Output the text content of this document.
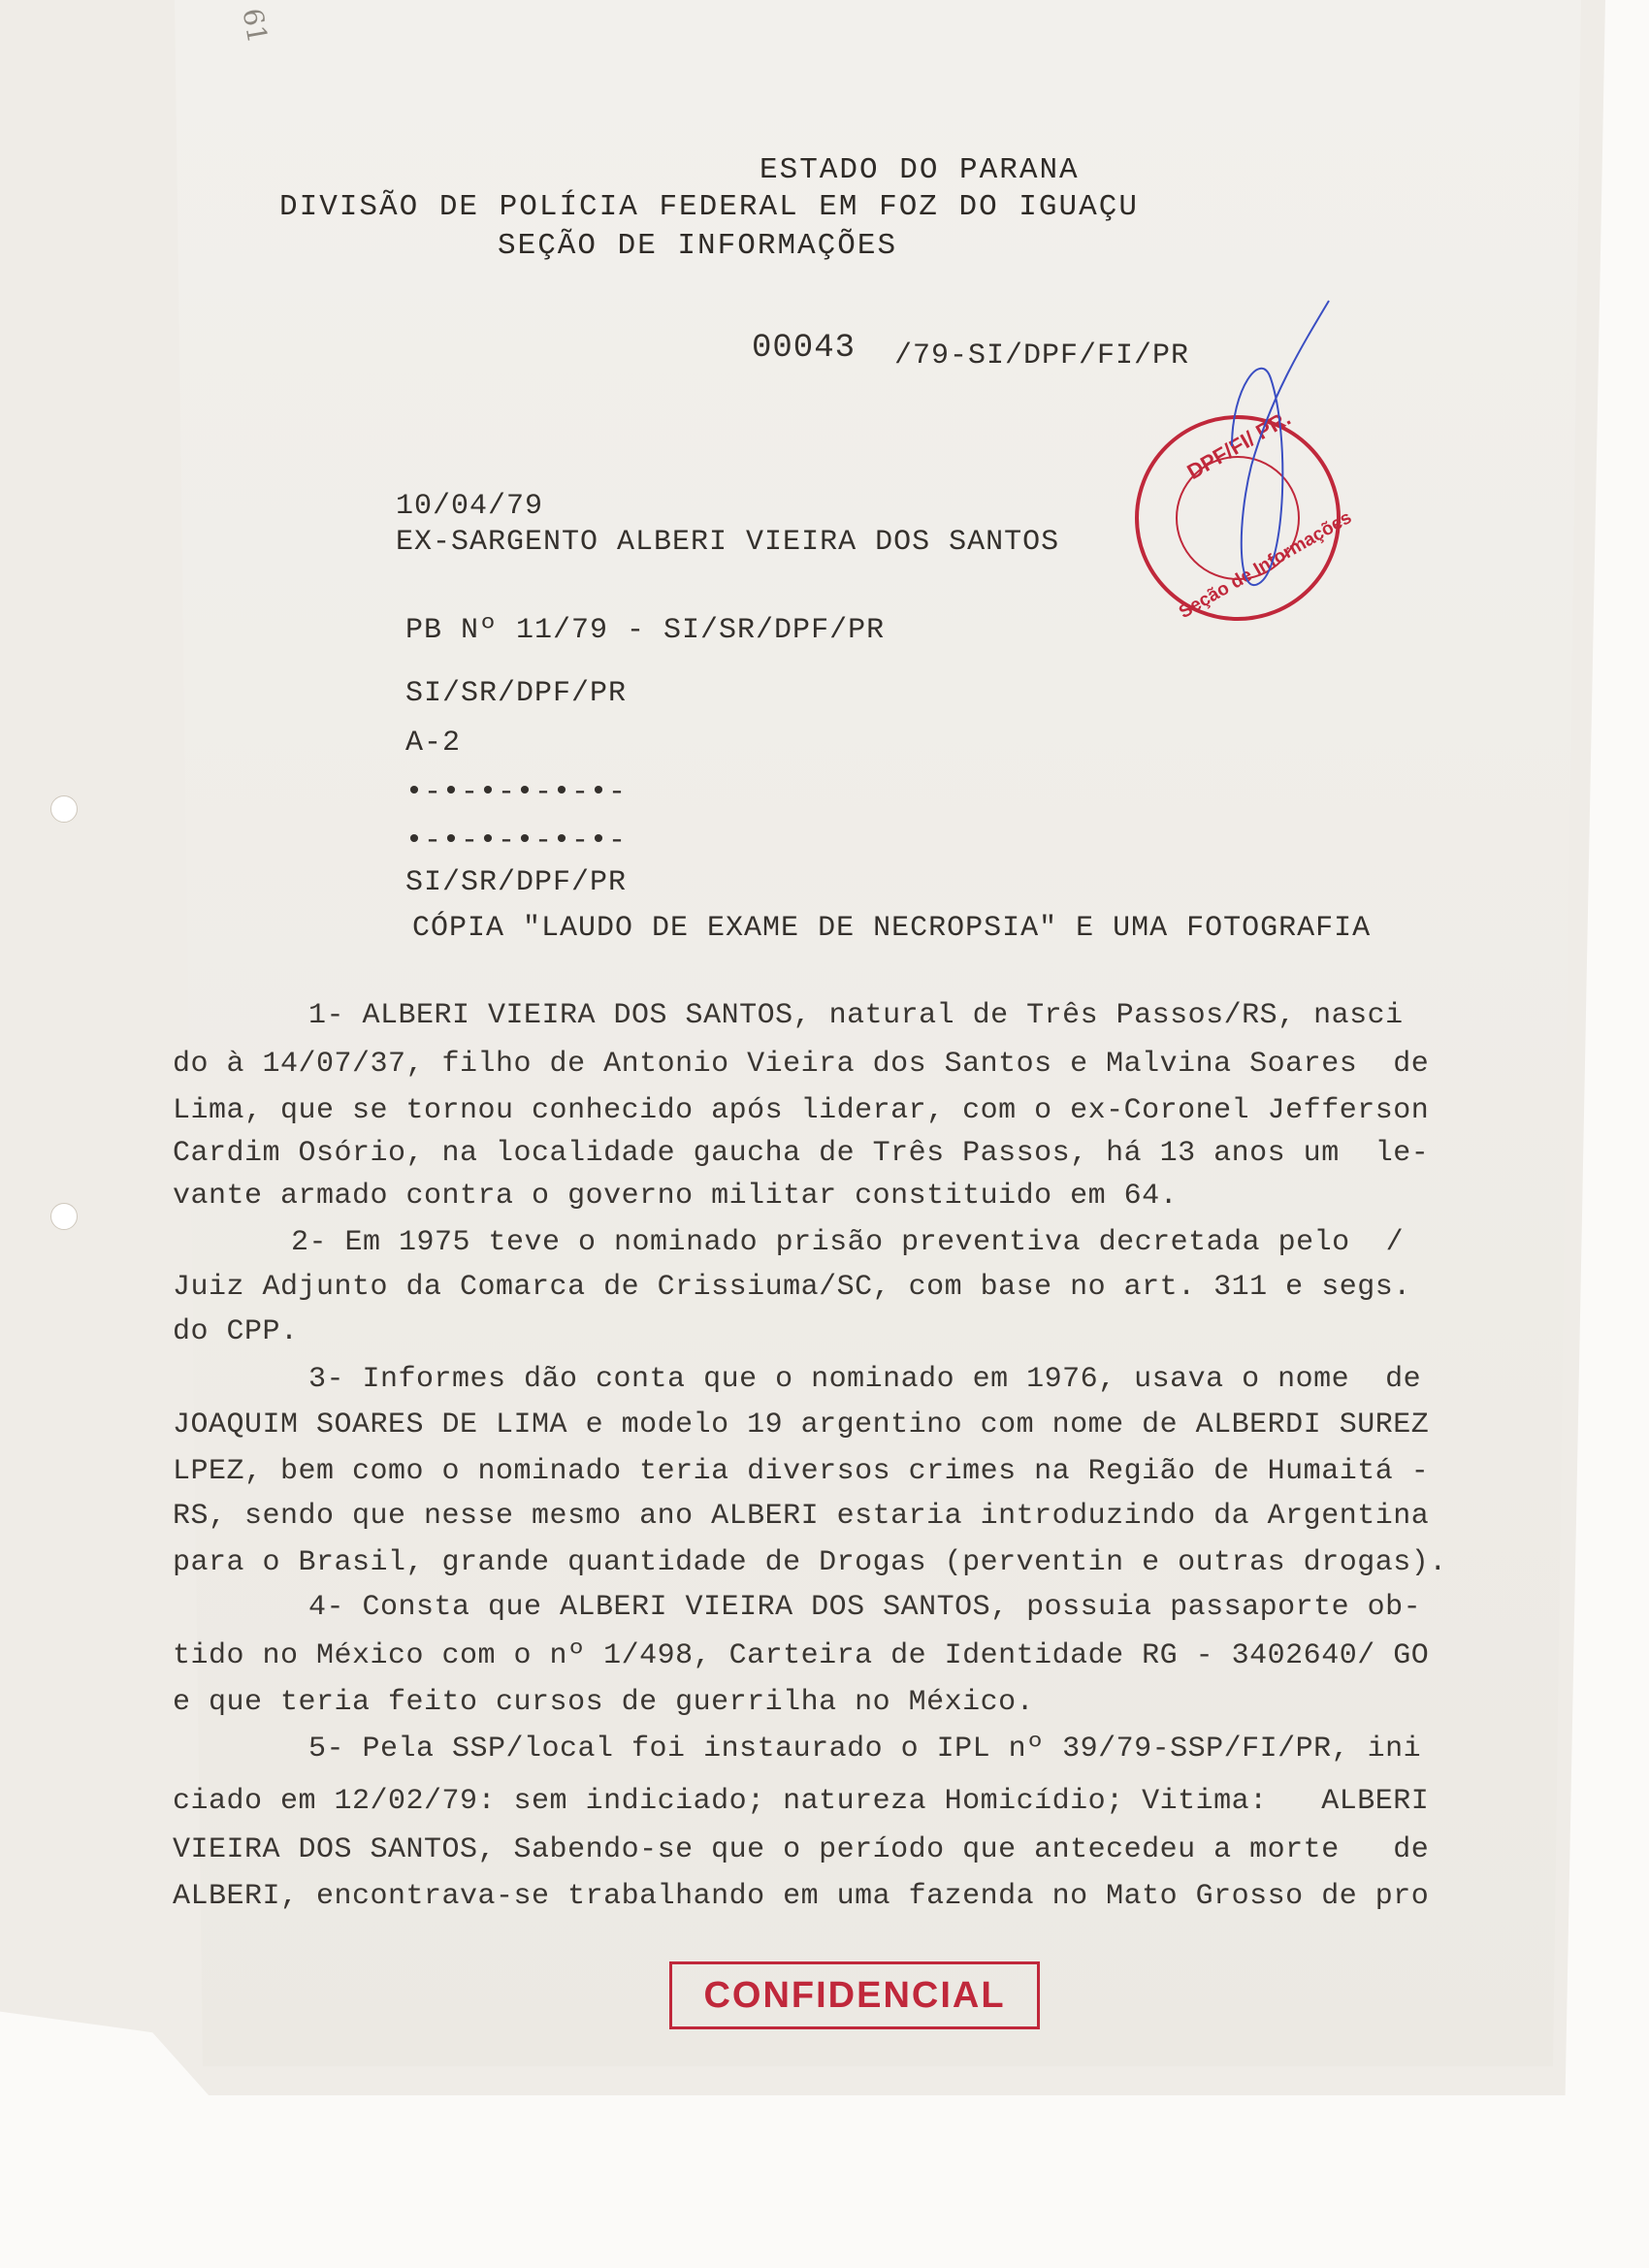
61
ESTADO DO PARANA
DIVISÃO DE POLÍCIA FEDERAL EM FOZ DO IGUAÇU
SEÇÃO DE INFORMAÇÕES
00043 /79-SI/DPF/FI/PR
DPF/FI/ PR.
Seção de Informações
10/04/79
EX-SARGENTO ALBERI VIEIRA DOS SANTOS
PB Nº 11/79 - SI/SR/DPF/PR
SI/SR/DPF/PR
A-2
•-•-•-•-•-•-
•-•-•-•-•-•-
SI/SR/DPF/PR
CÓPIA "LAUDO DE EXAME DE NECROPSIA" E UMA FOTOGRAFIA
1- ALBERI VIEIRA DOS SANTOS, natural de Três Passos/RS, nasci
do à 14/07/37, filho de Antonio Vieira dos Santos e Malvina Soares  de
Lima, que se tornou conhecido após liderar, com o ex-Coronel Jefferson
Cardim Osório, na localidade gaucha de Três Passos, há 13 anos um  le-
vante armado contra o governo militar constituido em 64.
2- Em 1975 teve o nominado prisão preventiva decretada pelo  /
Juiz Adjunto da Comarca de Crissiuma/SC, com base no art. 311 e segs.
do CPP.
3- Informes dão conta que o nominado em 1976, usava o nome  de
JOAQUIM SOARES DE LIMA e modelo 19 argentino com nome de ALBERDI SUREZ
LPEZ, bem como o nominado teria diversos crimes na Região de Humaitá -
RS, sendo que nesse mesmo ano ALBERI estaria introduzindo da Argentina
para o Brasil, grande quantidade de Drogas (perventin e outras drogas).
4- Consta que ALBERI VIEIRA DOS SANTOS, possuia passaporte ob-
tido no México com o nº 1/498, Carteira de Identidade RG - 3402640/ GO
e que teria feito cursos de guerrilha no México.
5- Pela SSP/local foi instaurado o IPL nº 39/79-SSP/FI/PR, ini
ciado em 12/02/79: sem indiciado; natureza Homicídio; Vitima:   ALBERI
VIEIRA DOS SANTOS, Sabendo-se que o período que antecedeu a morte   de
ALBERI, encontrava-se trabalhando em uma fazenda no Mato Grosso de pro
CONFIDENCIAL
